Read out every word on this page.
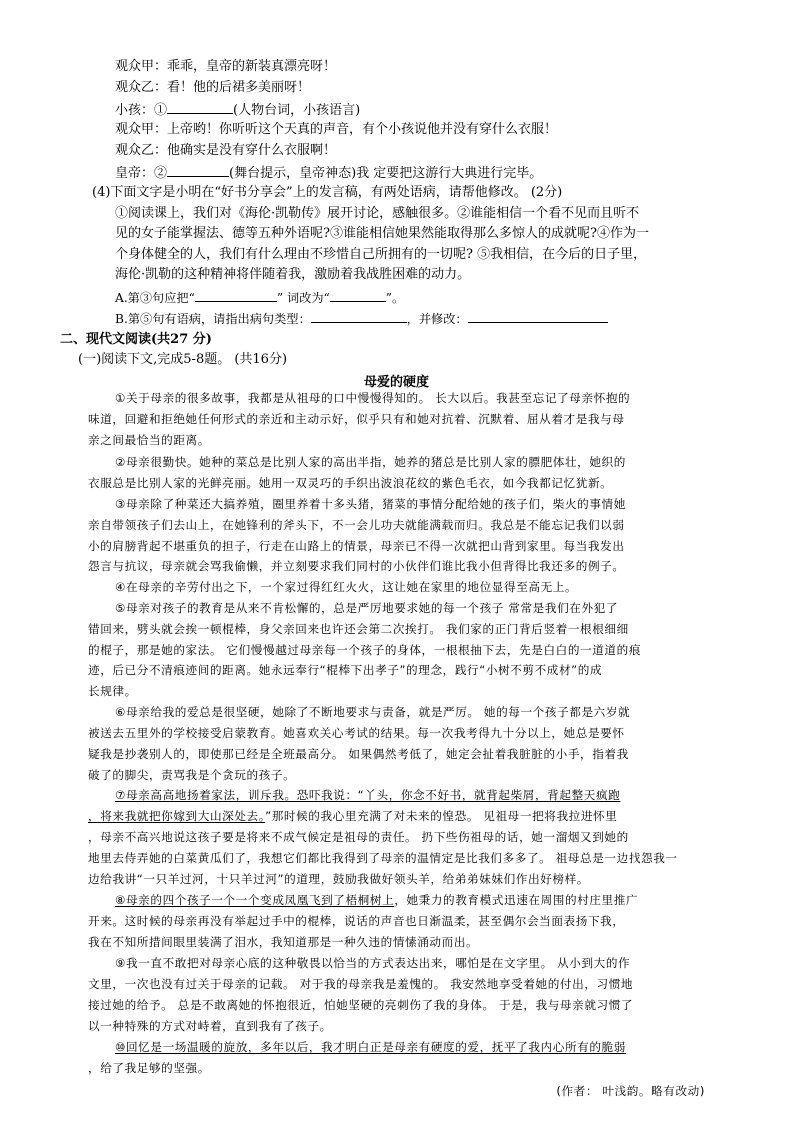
观众甲：乖乖，皇帝的新装真漂亮呀！
观众乙：看！他的后裙多美丽呀！
小孩：①	(人物台词，小孩语言)
观众甲：上帝哟！你听听这个天真的声音，有个小孩说他并没有穿什么衣服！
观众乙：他确实是没有穿什么衣服啊！
皇帝：②	(舞台提示，皇帝神态)我 定要把这游行大典进行完毕。
(4)下面文字是小明在“好书分享会”上的发言稿，有两处语病，请帮他修改。 (2分)
①阅读课上，我们对《海伦·凯勒传》展开讨论，感触很多。②谁能相信一个看不见而且听不
见的女子能掌握法、德等五种外语呢?③谁能相信她果然能取得那么多惊人的成就呢?④作为一
个身体健全的人，我们有什么理由不珍惜自己所拥有的一切呢? ⑤我相信，在今后的日子里，
海伦·凯勒的这种精神将伴随着我，激励着我战胜困难的动力。
A.第③句应把“	” 词改为“	”。
B.第⑤句有语病，请指出病句类型：	，并修改：
二、现代文阅读(共27 分)
(一)阅读下文,完成5-8题。 (共16分)
母爱的硬度
①关于母亲的很多故事，我都是从祖母的口中慢慢得知的。 长大以后。我甚至忘记了母亲怀抱的
味道，回避和拒绝她任何形式的亲近和主动示好，似乎只有和她对抗着、沉默着、屈从着才是我与母
亲之间最恰当的距离。
②母亲很勤快。她种的菜总是比别人家的高出半指，她养的猪总是比别人家的膘肥体壮，她织的
衣服总是比别人家的光鲜亮丽。她用一双灵巧的手织出波浪花纹的紫色毛衣，如今我都记忆犹新。
③母亲除了种菜还大搞养殖，圈里养着十多头猪，猪菜的事情分配给她的孩子们，柴火的事情她
亲自带领孩子们去山上，在她锋利的斧头下，不一会儿功夫就能满载而归。我总是不能忘记我们以弱
小的肩膀背起不堪重负的担子，行走在山路上的情景，母亲已不得一次就把山背到家里。每当我发出
怨言与抗议，母亲就会骂我偷懒，并立刻要求我们同村的小伙伴们谁比我小但背得比我还多的例子。
④在母亲的辛劳付出之下，一个家过得红红火火，这让她在家里的地位显得至高无上。
⑤母亲对孩子的教育是从来不肯松懈的，总是严厉地要求她的每一个孩子 常常是我们在外犯了
错回来，劈头就会挨一顿棍棒，身父亲回来也许还会第二次挨打。 我们家的正门背后竖着一根根细细
的棍子，那是她的家法。 它们慢慢越过母亲每一个孩子的身体，一根根抽下去，先是白白的一道道的痕
迹，后已分不清痕迹间的距离。她永远奉行“棍棒下出孝子”的理念，践行“小树不剪不成材”的成
长规律。
⑥母亲给我的爱总是很坚硬，她除了不断地要求与责备，就是严厉。 她的每一个孩子都是六岁就
被送去五里外的学校接受启蒙教育。她喜欢关心考试的结果。每一次我考得九十分以上，她总是要怀
疑我是抄袭别人的，即使那已经是全班最高分。 如果偶然考低了，她定会扯着我脏脏的小手，指着我
破了的脚尖，责骂我是个贪玩的孩子。
⑦母亲高高地扬着家法，训斥我。恐吓我说：“丫头，你念不好书，就背起柴屑，背起整天疯跑
，将来我就把你嫁到大山深处去。”那时候的我心里充满了对未来的惶恐。 见祖母一把将我拉进怀里
，母亲不高兴地说这孩子要是将来不成气候定是祖母的责任。 扔下些伤祖母的话，她一溜烟又到她的
地里去侍弄她的白菜黄瓜们了，我想它们都比我得到了母亲的温情定是比我们多多了。 祖母总是一边找怨我一
边给我讲“一只羊过河，十只羊过河”的道理，鼓励我做好领头羊，给弟弟妹妹们作出好榜样。
⑧母亲的四个孩子一个一个变成凤凰飞到了梧桐树上，她秉力的教育模式迅速在周围的村庄里推广
开来。这时候的母亲再没有举起过手中的棍棒，说话的声音也日渐温柔，甚至偶尔会当面表扬下我，
我在不知所措间眼里装满了泪水，我知道那是一种久违的情愫涌动而出。
⑨我一直不敢把对母亲心底的这种敬畏以恰当的方式表达出来，哪怕是在文字里。 从小到大的作
文里，一次也没有过关于母亲的记载。 对于我的母亲我是羞愧的。 我安然地享受着她的付出，习惯地
接过她的给予。 总是不敢离她的怀抱很近，怕她坚硬的亮刺伤了我的身体。 于是，我与母亲就习惯了
以一种特殊的方式对峙着，直到我有了孩子。
⑩回忆是一场温暖的旋放，多年以后，我才明白正是母亲有硬度的爱，抚平了我内心所有的脆弱
，给了我足够的坚强。
(作者： 叶浅韵。略有改动)
